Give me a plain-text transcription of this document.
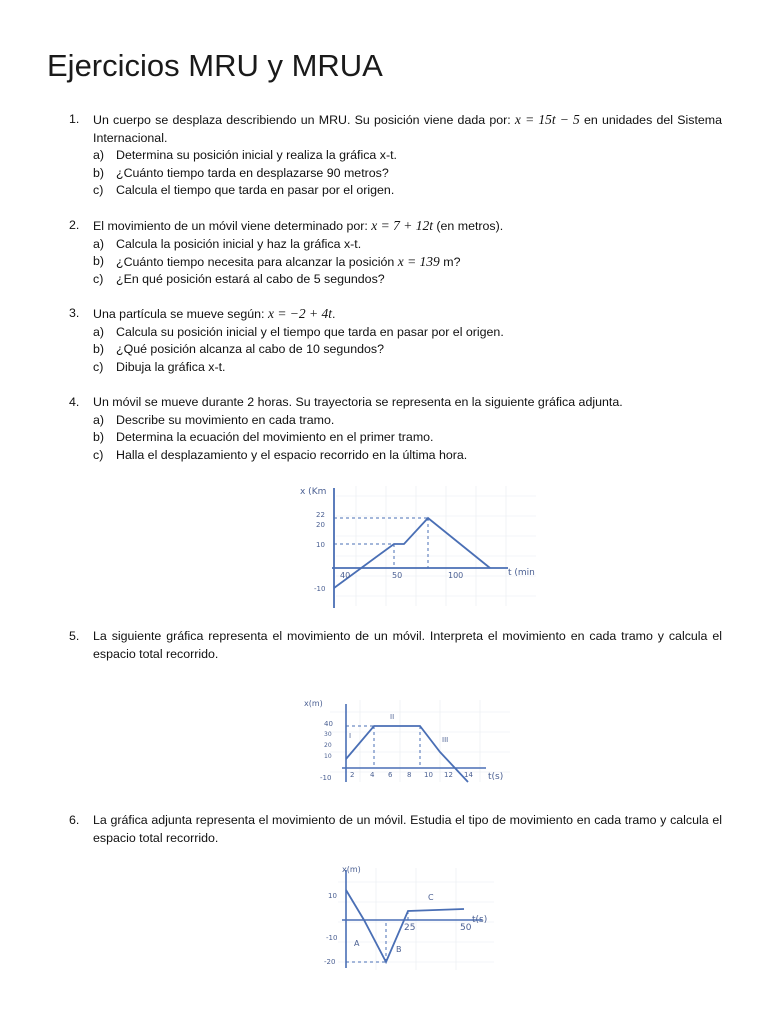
Ejercicios MRU y MRUA
1. Un cuerpo se desplaza describiendo un MRU. Su posición viene dada por: x = 15t − 5 en unidades del Sistema Internacional.
a) Determina su posición inicial y realiza la gráfica x-t.
b) ¿Cuánto tiempo tarda en desplazarse 90 metros?
c) Calcula el tiempo que tarda en pasar por el origen.
2. El movimiento de un móvil viene determinado por: x = 7 + 12t (en metros).
a) Calcula la posición inicial y haz la gráfica x-t.
b) ¿Cuánto tiempo necesita para alcanzar la posición x = 139 m?
c) ¿En qué posición estará al cabo de 5 segundos?
3. Una partícula se mueve según: x = −2 + 4t.
a) Calcula su posición inicial y el tiempo que tarda en pasar por el origen.
b) ¿Qué posición alcanza al cabo de 10 segundos?
c) Dibuja la gráfica x-t.
4. Un móvil se mueve durante 2 horas. Su trayectoria se representa en la siguiente gráfica adjunta.
a) Describe su movimiento en cada tramo.
b) Determina la ecuación del movimiento en el primer tramo.
c) Halla el desplazamiento y el espacio recorrido en la última hora.
x (Km
22
20
10
-10
40	50	100	t (min
5. La siguiente gráfica representa el movimiento de un móvil. Interpreta el movimiento en cada tramo y calcula el espacio total recorrido.
x(m)
40
30
20
10
-10	2 4 6 8 10 12 14 t(s)
I
II
III
6. La gráfica adjunta representa el movimiento de un móvil. Estudia el tipo de movimiento en cada tramo y calcula el espacio total recorrido.
x(m)
10
-10
-20
25	50
t(s)
A
B
C
